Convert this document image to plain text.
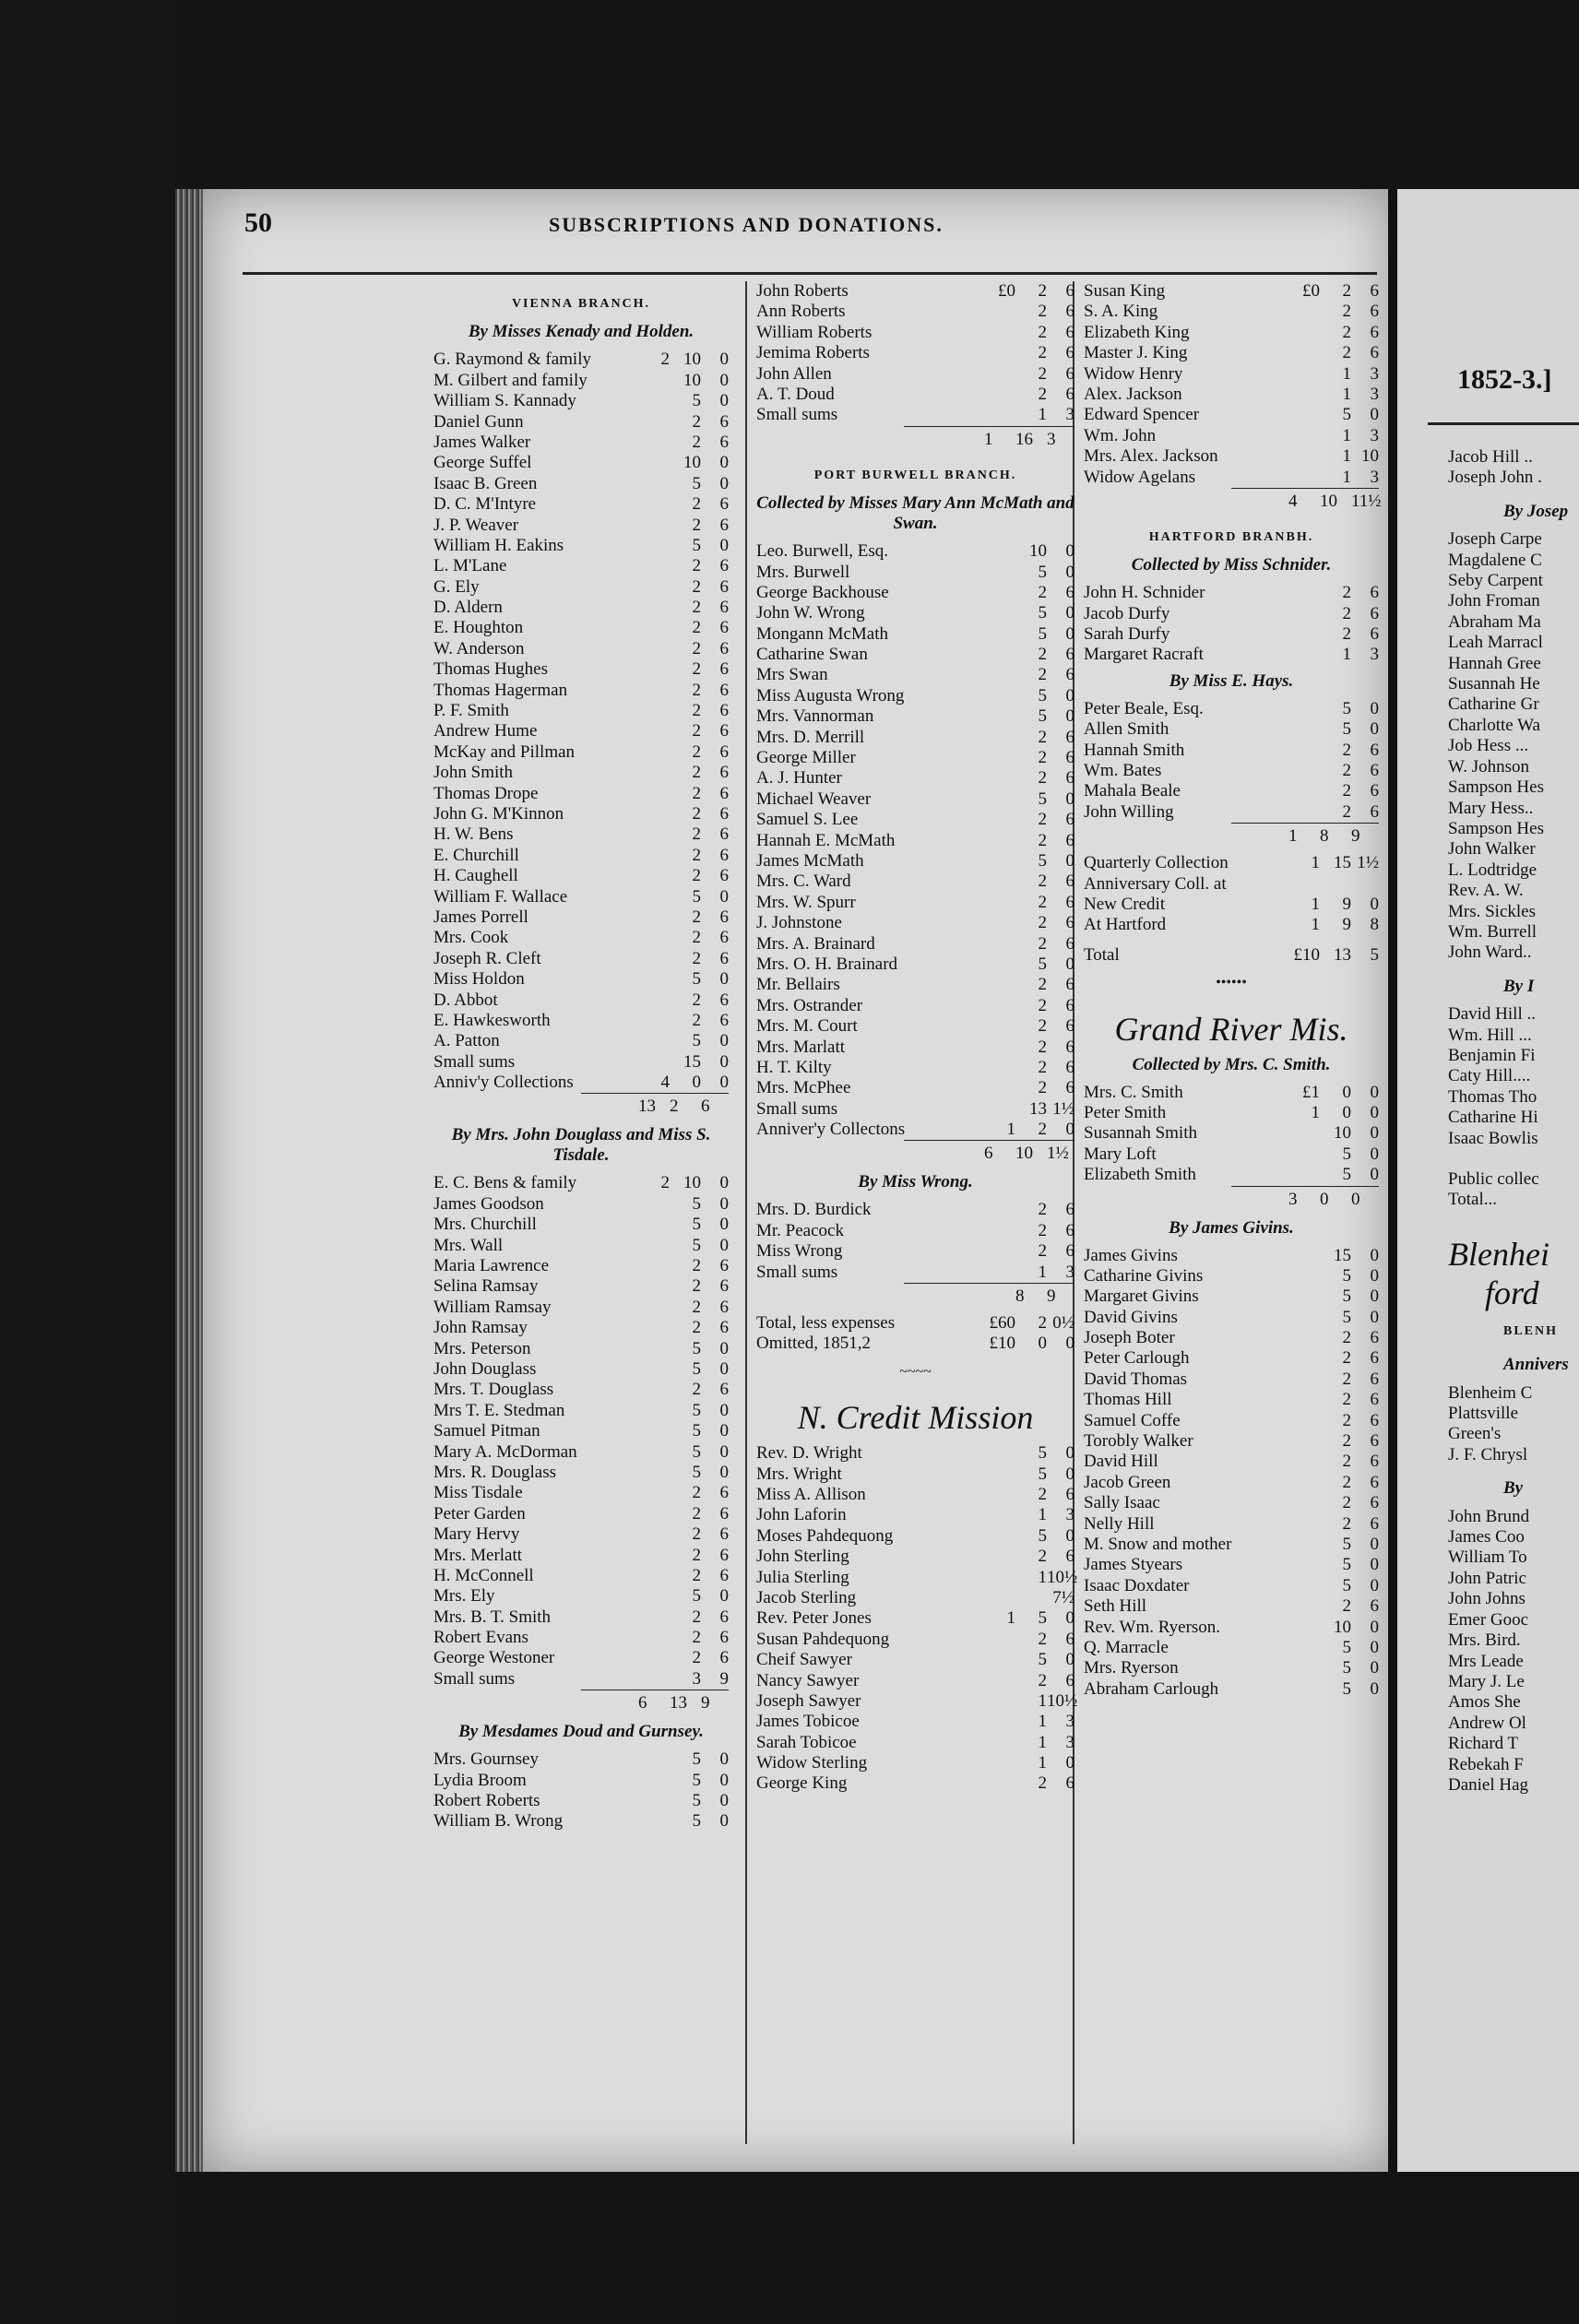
50	SUBSCRIPTIONS AND DONATIONS.
VIENNA BRANCH.
By Misses Kenady and Holden.
G. Raymond & family	2 10	0
M. Gilbert and family	10	0
William S. Kannady	5	0
Daniel Gunn	2	6
James Walker	2	6
George Suffel	10	0
Isaac B. Green	5	0
D. C. M'Intyre	2	6
J. P. Weaver	2	6
William H. Eakins	5	0
L. M'Lane	2	6
G. Ely	2	6
D. Aldern	2	6
E. Houghton	2	6
W. Anderson	2	6
Thomas Hughes	2	6
Thomas Hagerman	2	6
P. F. Smith	2	6
Andrew Hume	2	6
McKay and Pillman	2	6
John Smith	2	6
Thomas Drope	2	6
John G. M'Kinnon	2	6
H. W. Bens	2	6
E. Churchill	2	6
H. Caughell	2	6
William F. Wallace	5	0
James Porrell	2	6
Mrs. Cook	2	6
Joseph R. Cleft	2	6
Miss Holdon	5	0
D. Abbot	2	6
E. Hawkesworth	2	6
A. Patton	5	0
Small sums	15	0
Anniv'y Collections	4	0	0
13 2	6
By Mrs. John Douglass and Miss S. Tisdale.
E. C. Bens & family	2 10	0
James Goodson	5	0
Mrs. Churchill	5	0
Mrs. Wall	5	0
Maria Lawrence	2	6
Selina Ramsay	2	6
William Ramsay	2	6
John Ramsay	2	6
Mrs. Peterson	5	0
John Douglass	5	0
Mrs. T. Douglass	2	6
Mrs T. E. Stedman	5	0
Samuel Pitman	5	0
Mary A. McDorman	5	0
Mrs. R. Douglass	5	0
Miss Tisdale	2	6
Peter Garden	2	6
Mary Hervy	2	6
Mrs. Merlatt	2	6
H. McConnell	2	6
Mrs. Ely	5	0
Mrs. B. T. Smith	2	6
Robert Evans	2	6
George Westoner	2	6
Small sums	3	9
6	13 9
By Mesdames Doud and Gurnsey.
Mrs. Gournsey	5	0
Lydia Broom	5	0
Robert Roberts	5	0
William B. Wrong	5	0
John Roberts	£0	2	6
Ann Roberts	2	6
William Roberts	2	6
Jemima Roberts	2	6
John Allen	2	6
A. T. Doud	2	6
Small sums	1	3
1	16 3
PORT BURWELL BRANCH.
Collected by Misses Mary Ann McMath and Swan.
Leo. Burwell, Esq.	10	0
Mrs. Burwell	5	0
George Backhouse	2	6
John W. Wrong	5	0
Mongann McMath	5	0
Catharine Swan	2	6
Mrs Swan	2	6
Miss Augusta Wrong	5	0
Mrs. Vannorman	5	0
Mrs. D. Merrill	2	6
George Miller	2	6
A. J. Hunter	2	6
Michael Weaver	5	0
Samuel S. Lee	2	6
Hannah E. McMath	2	6
James McMath	5	0
Mrs. C. Ward	2	6
Mrs. W. Spurr	2	6
J. Johnstone	2	6
Mrs. A. Brainard	2	6
Mrs. O. H. Brainard	5	0
Mr. Bellairs	2	6
Mrs. Ostrander	2	6
Mrs. M. Court	2	6
Mrs. Marlatt	2	6
H. T. Kilty	2	6
Mrs. McPhee	2	6
Small sums	13 1½
Anniver'y Collectons	1	2	0
6	10 1½
By Miss Wrong.
Mrs. D. Burdick	2	6
Mr. Peacock	2	6
Miss Wrong	2	6
Small sums	1	3
8	9
Total, less expenses	£60	2 0½
Omitted, 1851,2	£10	0	0
~~~~
N. Credit Mission
Rev. D. Wright	5	0
Mrs. Wright	5	0
Miss A. Allison	2	6
John Laforin	1	3
Moses Pahdequong	5	0
John Sterling	2	6
Julia Sterling	1 10½
Jacob Sterling	7½
Rev. Peter Jones	1	5	0
Susan Pahdequong	2	6
Cheif Sawyer	5	0
Nancy Sawyer	2	6
Joseph Sawyer	1 10½
James Tobicoe	1	3
Sarah Tobicoe	1	3
Widow Sterling	1	0
George King	2	6
Susan King	£0	2	6
S. A. King	2	6
Elizabeth King	2	6
Master J. King	2	6
Widow Henry	1	3
Alex. Jackson	1	3
Edward Spencer	5	0
Wm. John	1	3
Mrs. Alex. Jackson	1 10
Widow Agelans	1	3
4	10 11½
HARTFORD BRANBH.
Collected by Miss Schnider.
John H. Schnider	2	6
Jacob Durfy	2	6
Sarah Durfy	2	6
Margaret Racraft	1	3
By Miss E. Hays.
Peter Beale, Esq.	5	0
Allen Smith	5	0
Hannah Smith	2	6
Wm. Bates	2	6
Mahala Beale	2	6
John Willing	2	6
1	8	9
Quarterly Collection	1 15 1½
Anniversary Coll. at
New Credit	1	9	0
At Hartford	1	9	8
Total	£10 13	5
••••••
Grand River Mis.
Collected by Mrs. C. Smith.
Mrs. C. Smith	£1	0	0
Peter Smith	1	0	0
Susannah Smith	10	0
Mary Loft	5	0
Elizabeth Smith	5	0
3	0	0
By James Givins.
James Givins	15	0
Catharine Givins	5	0
Margaret Givins	5	0
David Givins	5	0
Joseph Boter	2	6
Peter Carlough	2	6
David Thomas	2	6
Thomas Hill	2	6
Samuel Coffe	2	6
Torobly Walker	2	6
David Hill	2	6
Jacob Green	2	6
Sally Isaac	2	6
Nelly Hill	2	6
M. Snow and mother	5	0
James Styears	5	0
Isaac Doxdater	5	0
Seth Hill	2	6
Rev. Wm. Ryerson.	10	0
Q. Marracle	5	0
Mrs. Ryerson	5	0
Abraham Carlough	5	0
1852-3.]
Jacob Hill ..
Joseph John .
By Josep
Joseph Carpe
Magdalene C
Seby Carpent
John Froman
Abraham Ma
Leah Marracl
Hannah Gree
Susannah He
Catharine Gr
Charlotte Wa
Job Hess ...
W. Johnson
Sampson Hes
Mary Hess..
Sampson Hes
John Walker
L. Lodtridge
Rev. A. W.
Mrs. Sickles
Wm. Burrell
John Ward..
By I
David Hill ..
Wm. Hill ...
Benjamin Fi
Caty Hill....
Thomas Tho
Catharine Hi
Isaac Bowlis
Public collec
Total...
Blenhei
ford
BLENH
Annivers
Blenheim C
Plattsville
Green's
J. F. Chrysl
By
John Brund
James Coo
William To
John Patric
John Johns
Emer Gooc
Mrs. Bird.
Mrs Leade
Mary J. Le
Amos She
Andrew Ol
Richard T
Rebekah F
Daniel Hag
